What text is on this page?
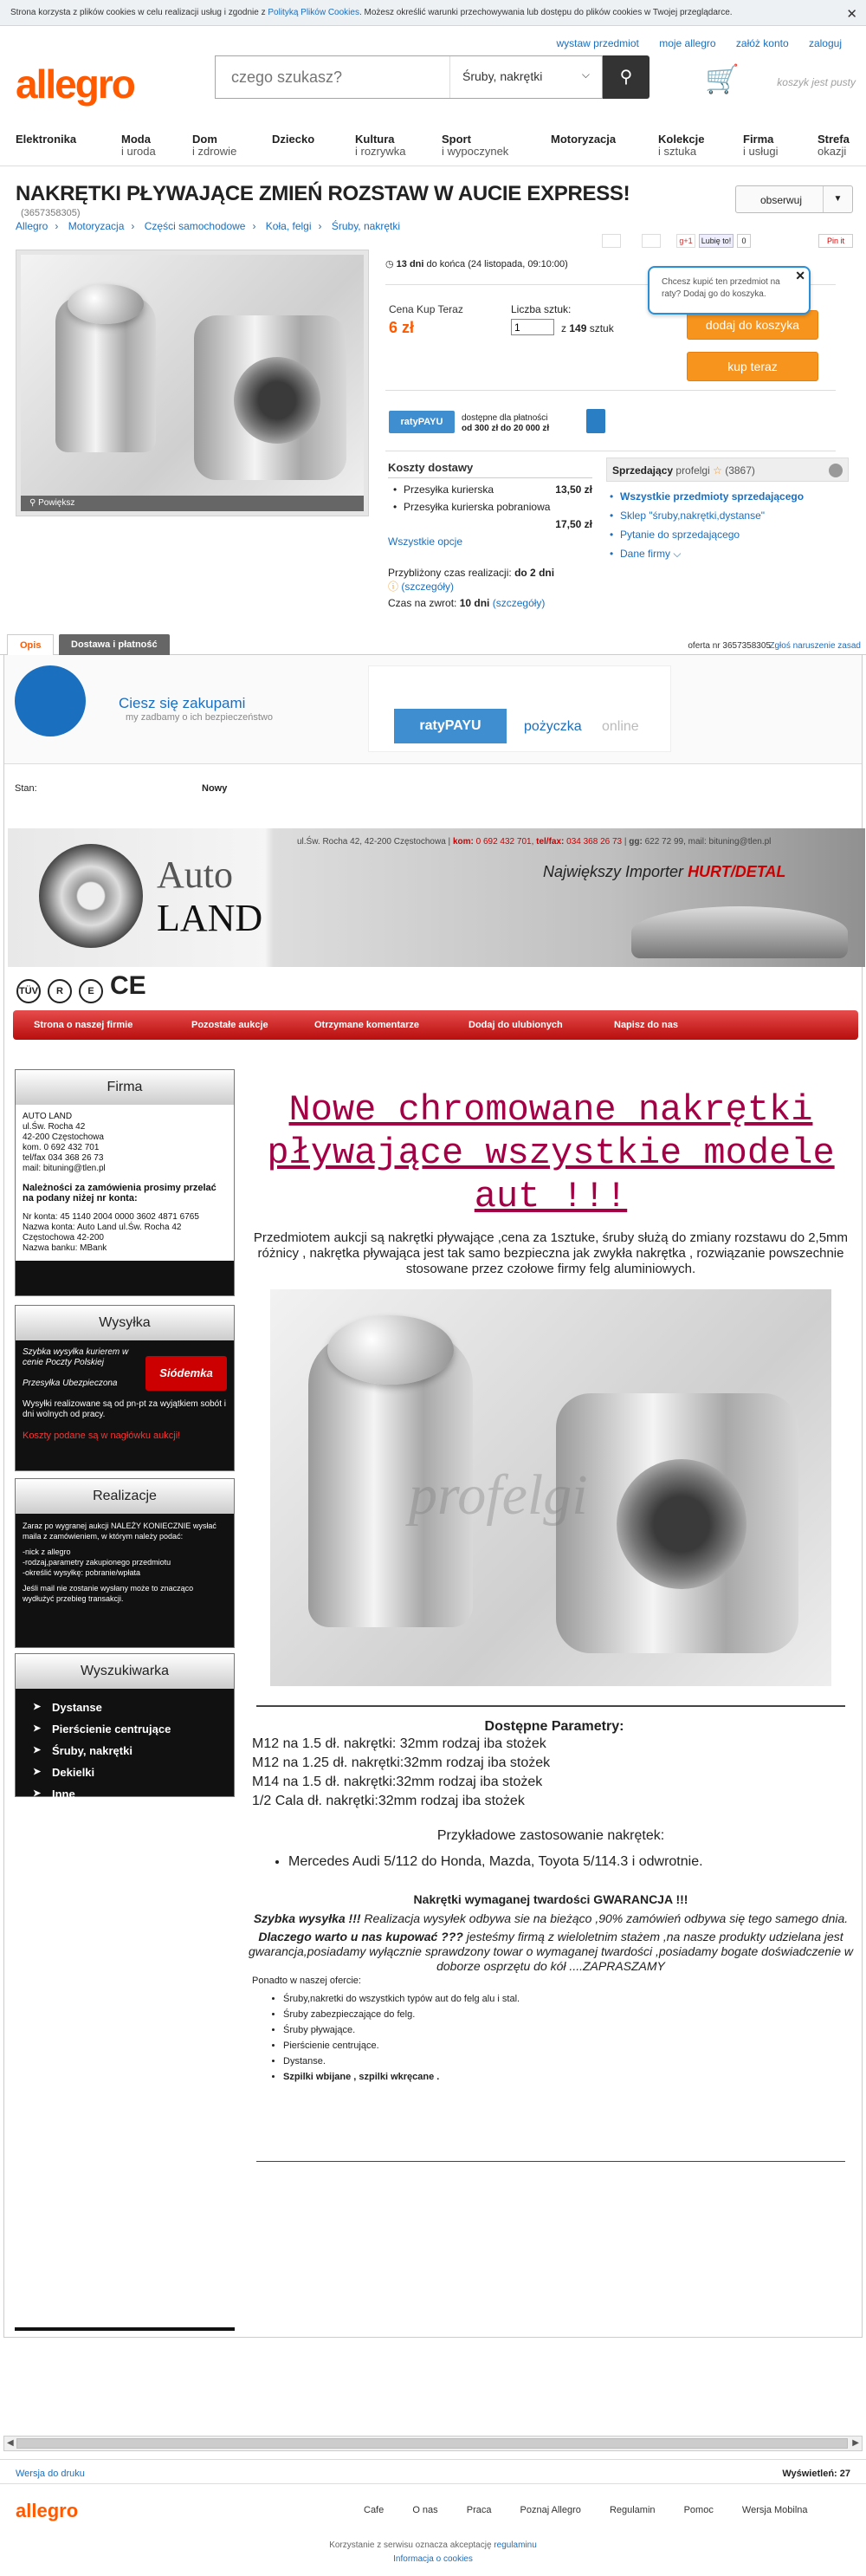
Strona korzysta z plików cookies w celu realizacji usług i zgodnie z Polityką Plików Cookies. Możesz określić warunki przechowywania lub dostępu do plików cookies w Twojej przeglądarce.	✕
wystaw przedmiot moje allegro załóż konto zaloguj
allegro
czego szukasz?	Śruby, nakrętki	⌵	⚲	🛒	koszyk jest pusty
Elektronika	Moda
i uroda
Dom
i zdrowie
Dziecko	Kultura
i rozrywka
Sport
i wypoczynek
Motoryzacja	Kolekcje
i sztuka
Firma
i usługi
Strefa
okazji
NAKRĘTKI PŁYWAJĄCE ZMIEŃ ROZSTAW W AUCIE EXPRESS!
(3657358305)
Allegro › Motoryzacja › Części samochodowe › Koła, felgi › Śruby, nakrętki
obserwuj	▼
g+1	Lubię to!	0	Pin it
⚲ Powiększ
◷ 13 dni do końca (24 listopada, 09:10:00)
Cena Kup Teraz
6 zł
Liczba sztuk:
1
z 149 sztuk	dodaj do koszyka
kup teraz
ratyPAYU	dostępne dla płatności
od 300 zł do 20 000 zł
Chcesz kupić ten przedmiot na raty? Dodaj go do koszyka.
✕
Koszty dostawy
• Przesyłka kurierska	13,50 zł
• Przesyłka kurierska pobraniowa
17,50 zł
Wszystkie opcje
Przybliżony czas realizacji: do 2 dni
ⓘ (szczegóły)
Czas na zwrot: 10 dni (szczegóły)
Sprzedający profelgi ☆ (3867)
• Wszystkie przedmioty sprzedającego
• Sklep "śruby,nakrętki,dystanse"
• Pytanie do sprzedającego
• Dane firmy ⌵
Opis	Dostawa i płatność	oferta nr 3657358305
Zgłoś naruszenie zasad
Ciesz się zakupami
my zadbamy o ich bezpieczeństwo
ratyPAYU	pożyczka online
Stan:	Nowy
Auto
LAND
ul.Św. Rocha 42, 42-200 Częstochowa | kom: 0 692 432 701, tel/fax: 034 368 26 73 | gg: 622 72 99, mail: bituning@tlen.pl
Największy Importer HURT/DETAL
TÜV R	E CE
Strona o naszej firmie	Pozostałe aukcje	Otrzymane komentarze	Dodaj do ulubionych	Napisz do nas
Firma
AUTO LAND
ul.Św. Rocha 42
42-200 Częstochowa
kom. 0 692 432 701
tel/fax 034 368 26 73
mail: bituning@tlen.pl
Należności za zamówienia prosimy przelać na podany niżej nr konta:
Nr konta: 45 1140 2004 0000 3602 4871 6765
Nazwa konta: Auto Land ul.Św. Rocha 42
Częstochowa 42-200
Nazwa banku: MBank
Wysyłka
Szybka wysyłka kurierem w cenie Poczty Polskiej
Siódemka
Przesyłka Ubezpieczona
Wysyłki realizowane są od pn-pt za wyjątkiem sobót i dni wolnych od pracy.
Koszty podane są w nagłówku aukcji!
Realizacje
Zaraz po wygranej aukcji NALEŻY KONIECZNIE wysłać maila z zamówieniem, w którym należy podać:
-nick z allegro
-rodzaj,parametry zakupionego przedmiotu
-określić wysyłkę: pobranie/wpłata
Jeśli mail nie zostanie wysłany może to znacząco wydłużyć przebieg transakcji.
Wyszukiwarka
➤ Dystanse
➤ Pierścienie centrujące
➤ Śruby, nakrętki
➤ Dekielki
➤ Inne
Nowe chromowane nakrętki pływające wszystkie modele aut !!!
Przedmiotem aukcji są nakrętki pływające ,cena za 1sztuke, śruby służą do zmiany rozstawu do 2,5mm różnicy , nakrętka pływająca jest tak samo bezpieczna jak zwykła nakrętka , rozwiązanie powszechnie stosowane przez czołowe firmy felg aluminiowych.
profelgi
Dostępne Parametry:
M12 na 1.5 dł. nakrętki: 32mm rodzaj iba stożek
M12 na 1.25 dł. nakrętki:32mm rodzaj iba stożek
M14 na 1.5 dł. nakrętki:32mm rodzaj iba stożek
1/2 Cala dł. nakrętki:32mm rodzaj iba stożek
Przykładowe zastosowanie nakrętek:
• Mercedes Audi 5/112 do Honda, Mazda, Toyota 5/114.3 i odwrotnie.
Nakrętki wymaganej twardości GWARANCJA !!!
Szybka wysyłka !!! Realizacja wysyłek odbywa sie na bieżąco ,90% zamówień odbywa się tego samego dnia.
Dlaczego warto u nas kupować ??? jesteśmy firmą z wieloletnim stażem ,na nasze produkty udzielana jest gwarancja,posiadamy wyłącznie sprawdzony towar o wymaganej twardości ,posiadamy bogate doświadczenie w doborze osprzętu do kół ....ZAPRASZAMY
Ponadto w naszej ofercie:
• Śruby,nakretki do wszystkich typów aut do felg alu i stal.
• Śruby zabezpieczające do felg.
• Śruby pływające.
• Pierścienie centrujące.
• Dystanse.
• Szpilki wbijane , szpilki wkręcane .
◀	▶
Wersja do druku	Wyświetleń: 27
allegro	Cafe	O nas	Praca	Poznaj Allegro	Regulamin	Pomoc	Wersja Mobilna
Korzystanie z serwisu oznacza akceptację regulaminu
Informacja o cookies
